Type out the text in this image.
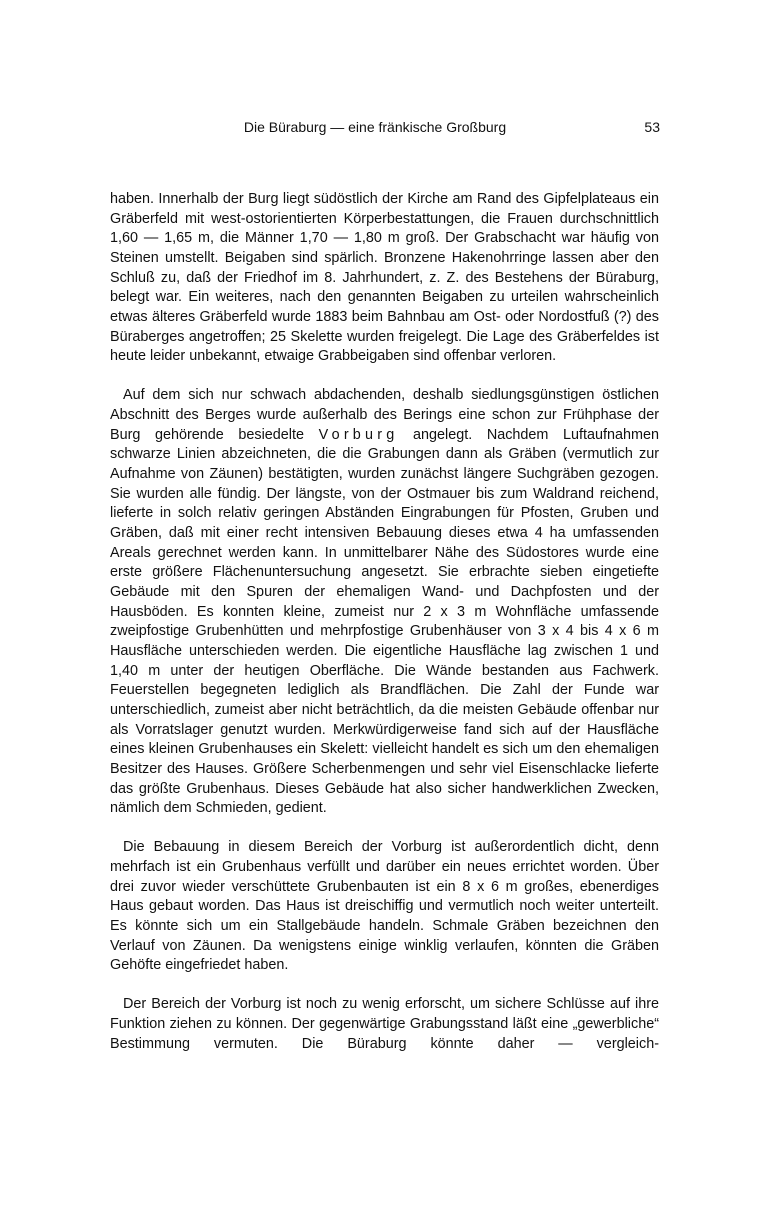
Die Büraburg — eine fränkische Großburg	53

haben. Innerhalb der Burg liegt südöstlich der Kirche am Rand des Gipfelplateaus ein Gräberfeld mit west-ostorientierten Körperbestattungen, die Frauen durchschnittlich 1,60 — 1,65 m, die Männer 1,70 — 1,80 m groß. Der Grabschacht war häufig von Steinen umstellt. Beigaben sind spärlich. Bronzene Hakenohrringe lassen aber den Schluß zu, daß der Friedhof im 8. Jahrhundert, z. Z. des Bestehens der Büraburg, belegt war. Ein weiteres, nach den genannten Beigaben zu urteilen wahrscheinlich etwas älteres Gräberfeld wurde 1883 beim Bahnbau am Ost- oder Nordostfuß (?) des Büraberges angetroffen; 25 Skelette wurden freigelegt. Die Lage des Gräberfeldes ist heute leider unbekannt, etwaige Grabbeigaben sind offenbar verloren.

Auf dem sich nur schwach abdachenden, deshalb siedlungsgünstigen östlichen Abschnitt des Berges wurde außerhalb des Berings eine schon zur Frühphase der Burg gehörende besiedelte Vorburg angelegt. Nachdem Luftaufnahmen schwarze Linien abzeichneten, die die Grabungen dann als Gräben (vermutlich zur Aufnahme von Zäunen) bestätigten, wurden zunächst längere Suchgräben gezogen. Sie wurden alle fündig. Der längste, von der Ostmauer bis zum Waldrand reichend, lieferte in solch relativ geringen Abständen Eingrabungen für Pfosten, Gruben und Gräben, daß mit einer recht intensiven Bebauung dieses etwa 4 ha umfassenden Areals gerechnet werden kann. In unmittelbarer Nähe des Südostores wurde eine erste größere Flächenuntersuchung angesetzt. Sie erbrachte sieben eingetiefte Gebäude mit den Spuren der ehemaligen Wand- und Dachpfosten und der Hausböden. Es konnten kleine, zumeist nur 2 x 3 m Wohnfläche umfassende zweipfostige Grubenhütten und mehrpfostige Grubenhäuser von 3 x 4 bis 4 x 6 m Hausfläche unterschieden werden. Die eigentliche Hausfläche lag zwischen 1 und 1,40 m unter der heutigen Oberfläche. Die Wände bestanden aus Fachwerk. Feuerstellen begegneten lediglich als Brandflächen. Die Zahl der Funde war unterschiedlich, zumeist aber nicht beträchtlich, da die meisten Gebäude offenbar nur als Vorratslager genutzt wurden. Merkwürdigerweise fand sich auf der Hausfläche eines kleinen Grubenhauses ein Skelett: vielleicht handelt es sich um den ehemaligen Besitzer des Hauses. Größere Scherbenmengen und sehr viel Eisenschlacke lieferte das größte Grubenhaus. Dieses Gebäude hat also sicher handwerklichen Zwecken, nämlich dem Schmieden, gedient.

Die Bebauung in diesem Bereich der Vorburg ist außerordentlich dicht, denn mehrfach ist ein Grubenhaus verfüllt und darüber ein neues errichtet worden. Über drei zuvor wieder verschüttete Grubenbauten ist ein 8 x 6 m großes, ebenerdiges Haus gebaut worden. Das Haus ist dreischiffig und vermutlich noch weiter unterteilt. Es könnte sich um ein Stallgebäude handeln. Schmale Gräben bezeichnen den Verlauf von Zäunen. Da wenigstens einige winklig verlaufen, könnten die Gräben Gehöfte eingefriedet haben.

Der Bereich der Vorburg ist noch zu wenig erforscht, um sichere Schlüsse auf ihre Funktion ziehen zu können. Der gegenwärtige Grabungsstand läßt eine „gewerbliche“ Bestimmung vermuten. Die Büraburg könnte daher — vergleich-
